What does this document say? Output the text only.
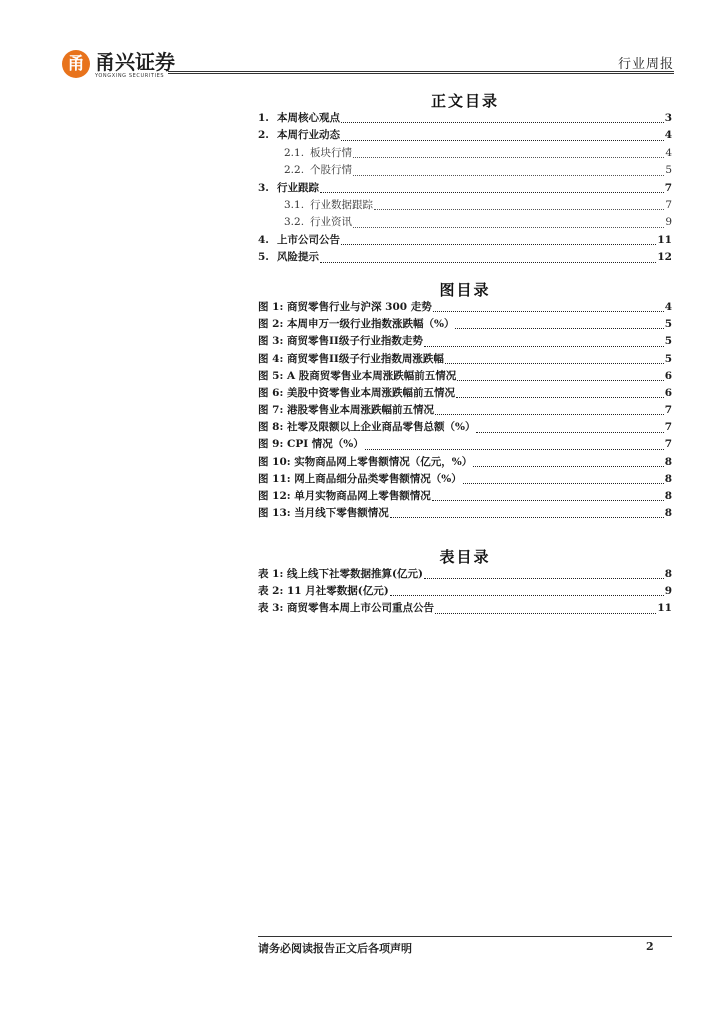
甬 甬兴证券
YONGXING SECURITIES
行业周报
正文目录
1. 本周核心观点	3
2. 本周行业动态	4
2.1. 板块行情	4
2.2. 个股行情	5
3. 行业跟踪	7
3.1. 行业数据跟踪	7
3.2. 行业资讯	9
4. 上市公司公告	11
5. 风险提示	12
图目录
图 1: 商贸零售行业与沪深 300 走势	4
图 2: 本周申万一级行业指数涨跌幅（%）	5
图 3: 商贸零售II级子行业指数走势	5
图 4: 商贸零售II级子行业指数周涨跌幅	5
图 5: A 股商贸零售业本周涨跌幅前五情况	6
图 6: 美股中资零售业本周涨跌幅前五情况	6
图 7: 港股零售业本周涨跌幅前五情况	7
图 8: 社零及限额以上企业商品零售总额（%）	7
图 9: CPI 情况（%）	7
图 10: 实物商品网上零售额情况（亿元，%）	8
图 11: 网上商品细分品类零售额情况（%）	8
图 12: 单月实物商品网上零售额情况	8
图 13: 当月线下零售额情况	8
表目录
表 1: 线上线下社零数据推算(亿元)	8
表 2: 11 月社零数据(亿元)	9
表 3: 商贸零售本周上市公司重点公告	11
请务必阅读报告正文后各项声明	2
